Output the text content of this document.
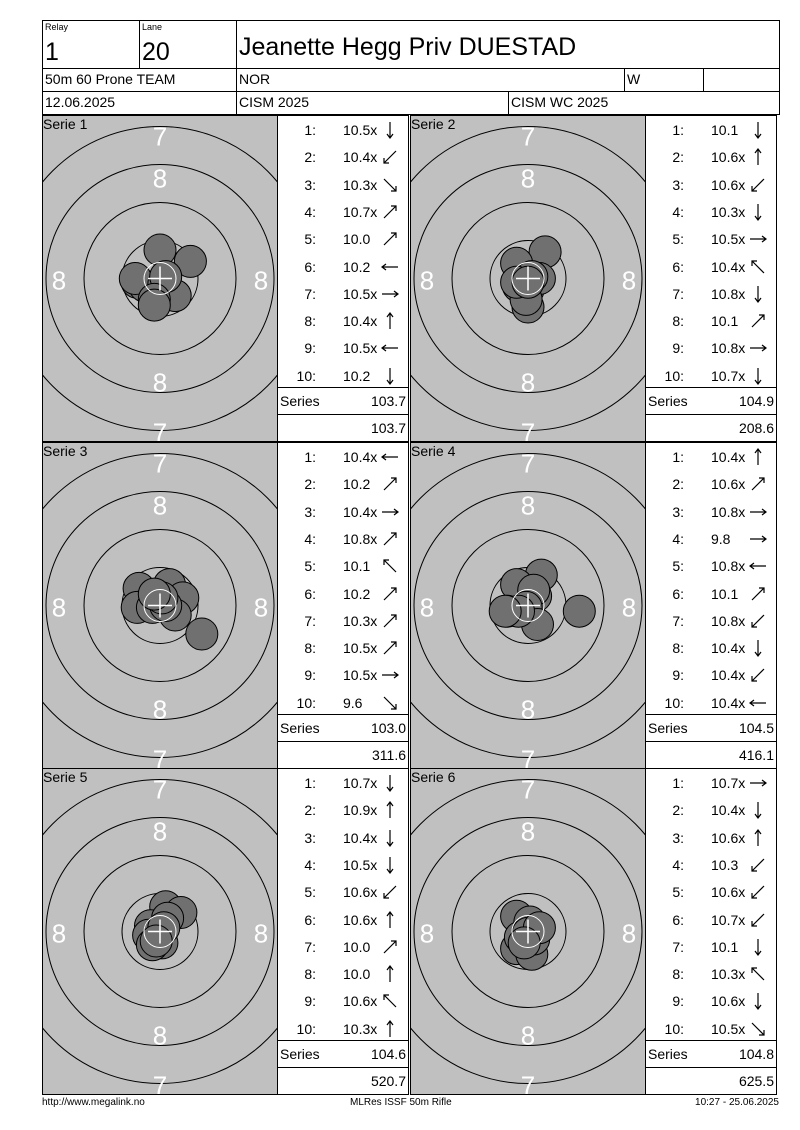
Relay
1
Lane
20	Jeanette Hegg Priv DUESTAD
50m 60 Prone TEAM	NOR	W
12.06.2025	CISM 2025	CISM WC 2025
7
7
8
8
8	8
Serie 1	1: 10.5x
2: 10.4x
3: 10.3x
4: 10.7x
5: 10.0
6: 10.2
7: 10.5x
8: 10.4x
9: 10.5x
10: 10.2
Series	103.7
103.7
7
7
8
8
8	8
Serie 2	1: 10.1
2: 10.6x
3: 10.6x
4: 10.3x
5: 10.5x
6: 10.4x
7: 10.8x
8: 10.1
9: 10.8x
10: 10.7x
Series	104.9
208.6
7
7
8
8
8	8
Serie 3	1: 10.4x
2: 10.2
3: 10.4x
4: 10.8x
5: 10.1
6: 10.2
7: 10.3x
8: 10.5x
9: 10.5x
10: 9.6
Series	103.0
311.6
7
7
8
8
8	8
Serie 4	1: 10.4x
2: 10.6x
3: 10.8x
4: 9.8
5: 10.8x
6: 10.1
7: 10.8x
8: 10.4x
9: 10.4x
10: 10.4x
Series	104.5
416.1
7
7
8
8
8	8
Serie 5	1: 10.7x
2: 10.9x
3: 10.4x
4: 10.5x
5: 10.6x
6: 10.6x
7: 10.0
8: 10.0
9: 10.6x
10: 10.3x
Series	104.6
520.7
7
7
8
8
8	8
Serie 6	1: 10.7x
2: 10.4x
3: 10.6x
4: 10.3
5: 10.6x
6: 10.7x
7: 10.1
8: 10.3x
9: 10.6x
10: 10.5x
Series	104.8
625.5
http://www.megalink.no	MLRes ISSF 50m Rifle	10:27 - 25.06.2025
